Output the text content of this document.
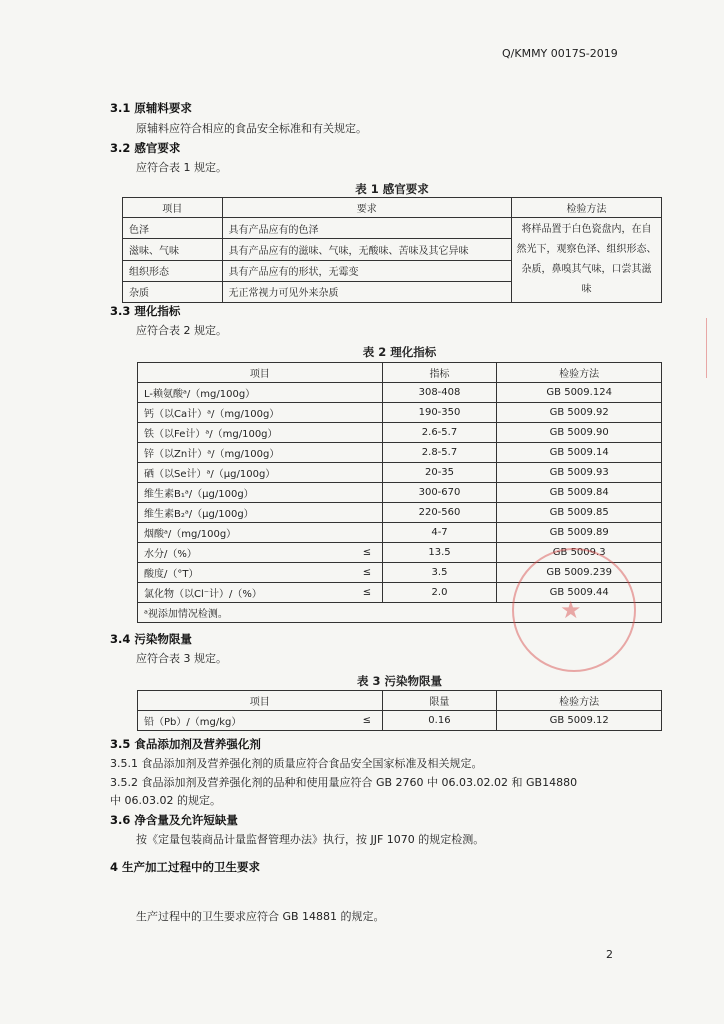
Q/KMMY 0017S-2019
3.1 原辅料要求
原辅料应符合相应的食品安全标准和有关规定。
3.2 感官要求
应符合表 1 规定。
表 1 感官要求
项目	要求	检验方法
色泽	具有产品应有的色泽	将样品置于白色瓷盘内，在自
然光下，观察色泽、组织形态、
杂质，鼻嗅其气味，口尝其滋
味

滋味、气味	具有产品应有的滋味、气味，无酸味、苦味及其它异味	
组织形态	具有产品应有的形状，无霉变	
杂质	无正常视力可见外来杂质	
3.3 理化指标
应符合表 2 规定。
表 2 理化指标
项目		指标	检验方法
L-赖氨酸ᵃ/（mg/100g）		308-408	GB 5009.124
钙（以Ca计）ᵃ/（mg/100g）		190-350	GB 5009.92
铁（以Fe计）ᵃ/（mg/100g）		2.6-5.7	GB 5009.90
锌（以Zn计）ᵃ/（mg/100g）		2.8-5.7	GB 5009.14
硒（以Se计）ᵃ/（μg/100g）		20-35	GB 5009.93
维生素B₁ᵃ/（μg/100g）		300-670	GB 5009.84
维生素B₂ᵃ/（μg/100g）		220-560	GB 5009.85
烟酸ᵃ/（mg/100g）		4-7	GB 5009.89
水分/（%）	≤	13.5	GB 5009.3
酸度/（°T）	≤	3.5	GB 5009.239
氯化物（以Cl⁻计）/（%）	≤	2.0	GB 5009.44
ᵃ视添加情况检测。			
3.4 污染物限量
应符合表 3 规定。
表 3 污染物限量
项目		限量	检验方法
铅（Pb）/（mg/kg）	≤	0.16	GB 5009.12
3.5 食品添加剂及营养强化剂
3.5.1 食品添加剂及营养强化剂的质量应符合食品安全国家标准及相关规定。
3.5.2 食品添加剂及营养强化剂的品种和使用量应符合 GB 2760 中 06.03.02.02 和 GB14880
中 06.03.02 的规定。
3.6 净含量及允许短缺量
按《定量包装商品计量监督管理办法》执行，按 JJF 1070 的规定检测。
4 生产加工过程中的卫生要求
生产过程中的卫生要求应符合 GB 14881 的规定。
2
★
